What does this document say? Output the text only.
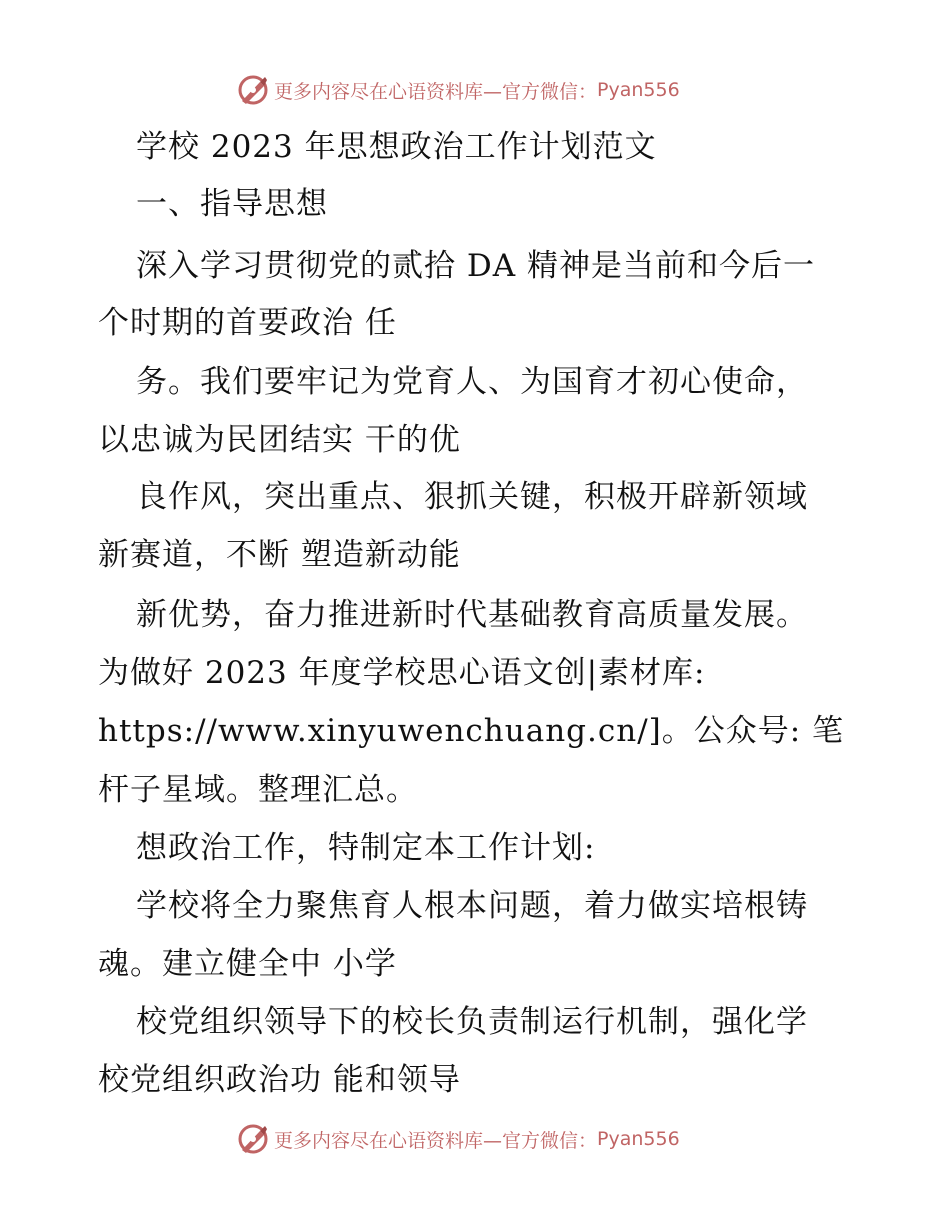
更多内容尽在心语资料库—官方微信： Pyan556
学校 2023 年思想政治工作计划范文
一、指导思想
深入学习贯彻党的贰拾 DA 精神是当前和今后一
个时期的首要政治 任
务。我们要牢记为党育人、为国育才初心使命，
以忠诚为民团结实 干的优
良作风，突出重点、狠抓关键，积极开辟新领域
新赛道，不断 塑造新动能
新优势，奋力推进新时代基础教育高质量发展。
为做好 2023 年度学校思心语文创|素材库:
https://www.xinyuwenchuang.cn/]。公众号: 笔
杆子星域。整理汇总。
想政治工作，特制定本工作计划:
学校将全力聚焦育人根本问题，着力做实培根铸
魂。建立健全中 小学
校党组织领导下的校长负责制运行机制，强化学
校党组织政治功 能和领导
更多内容尽在心语资料库—官方微信： Pyan556
